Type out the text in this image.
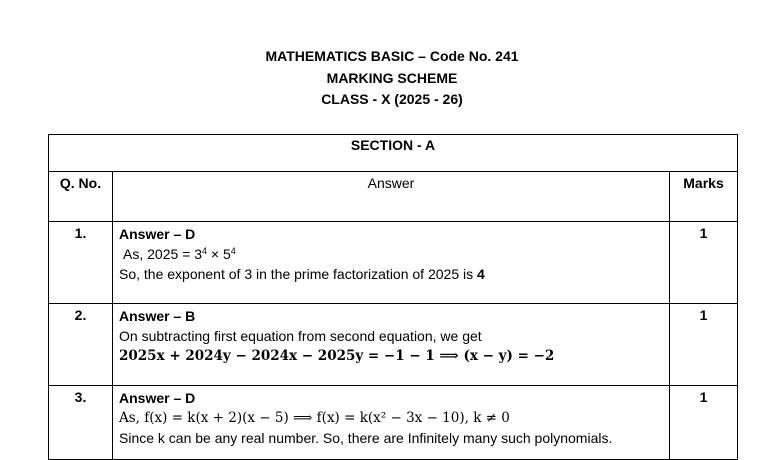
MATHEMATICS BASIC – Code No. 241
MARKING SCHEME
CLASS - X (2025 - 26)
SECTION - A		
Q. No.	Answer	Marks
1.	Answer – D
As, $2025 = 3^4 \times 5^4$
So, the exponent of 3 in the prime factorization of 2025 is 4	1
2.	Answer – B
On subtracting first equation from second equation, we get
2025x + 2024y − 2024x − 2025y = −1 − 1 ⟹ (x − y) = −2	1
3.	Answer – D
As, f(x) = k(x + 2)(x − 5) ⟹ f(x) = k(x² − 3x − 10), k ≠ 0
Since k can be any real number. So, there are Infinitely many such polynomials.	1
